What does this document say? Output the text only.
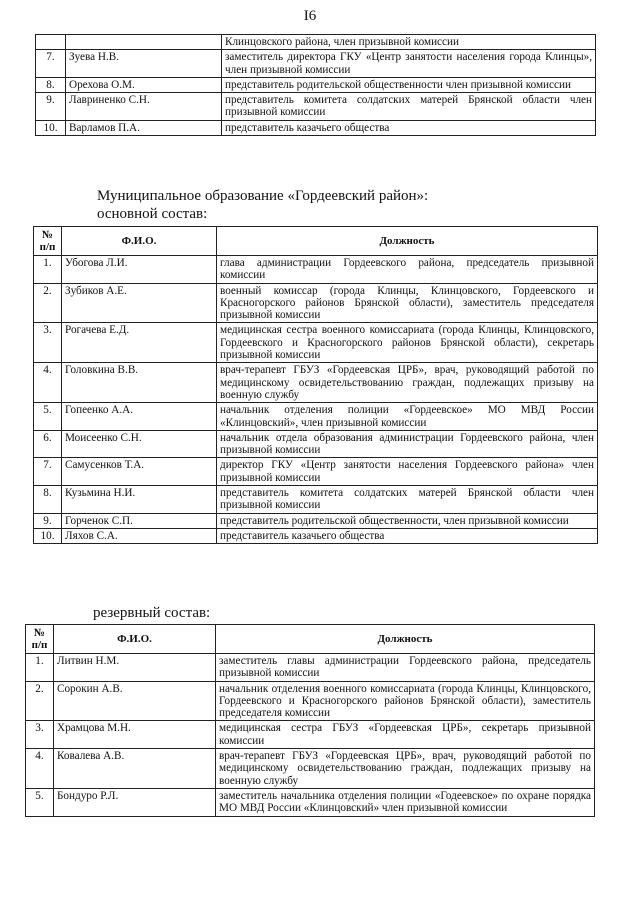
I6
		Клинцовского района, член призывной комиссии
7.	Зуева Н.В.	заместитель директора ГКУ «Центр занятости населения города Клинцы», член призывной комиссии
8.	Орехова О.М.	представитель родительской общественности член призывной комиссии
9.	Лавриненко С.Н.	представитель комитета солдатских матерей Брянской области член призывной комиссии
10.	Варламов П.А.	представитель казачьего общества

Муниципальное образование «Гордеевский район»:

основной состав:

№ п/п	Ф.И.О.	Должность
1.	Убогова Л.И.	глава администрации Гордеевского района, председатель призывной комиссии
2.	Зубиков А.Е.	военный комиссар (города Клинцы, Клинцовского, Гордеевского и Красногорского районов Брянской области), заместитель председателя призывной комиссии
3.	Рогачева Е.Д.	медицинская сестра военного комиссариата (города Клинцы, Клинцовского, Гордеевского и Красногорского районов Брянской области), секретарь призывной комиссии
4.	Головкина В.В.	врач-терапевт ГБУЗ «Гордеевская ЦРБ», врач, руководящий работой по медицинскому освидетельствованию граждан, подлежащих призыву на военную службу
5.	Гопеенко А.А.	начальник отделения полиции «Гордеевское» МО МВД России «Клинцовский», член призывной комиссии
6.	Моисеенко С.Н.	начальник отдела образования администрации Гордеевского района, член призывной комиссии
7.	Самусенков Т.А.	директор ГКУ «Центр занятости населения Гордеевского района» член призывной комиссии
8.	Кузьмина Н.И.	представитель комитета солдатских матерей Брянской области член призывной комиссии
9.	Горченок С.П.	представитель родительской общественности, член призывной комиссии
10.	Ляхов С.А.	представитель казачьего общества

резервный состав:

№ п/п	Ф.И.О.	Должность
1.	Литвин Н.М.	заместитель главы администрации Гордеевского района, председатель призывной комиссии
2.	Сорокин А.В.	начальник отделения военного комиссариата (города Клинцы, Клинцовского, Гордеевского и Красногорского районов Брянской области), заместитель председателя комиссии
3.	Храмцова М.Н.	медицинская сестра ГБУЗ «Гордеевская ЦРБ», секретарь призывной комиссии
4.	Ковалева А.В.	врач-терапевт ГБУЗ «Гордеевская ЦРБ», врач, руководящий работой по медицинскому освидетельствованию граждан, подлежащих призыву на военную службу
5.	Бондуро Р.Л.	заместитель начальника отделения полиции «Годеевское» по охране порядка МО МВД России «Клинцовский» член призывной комиссии
